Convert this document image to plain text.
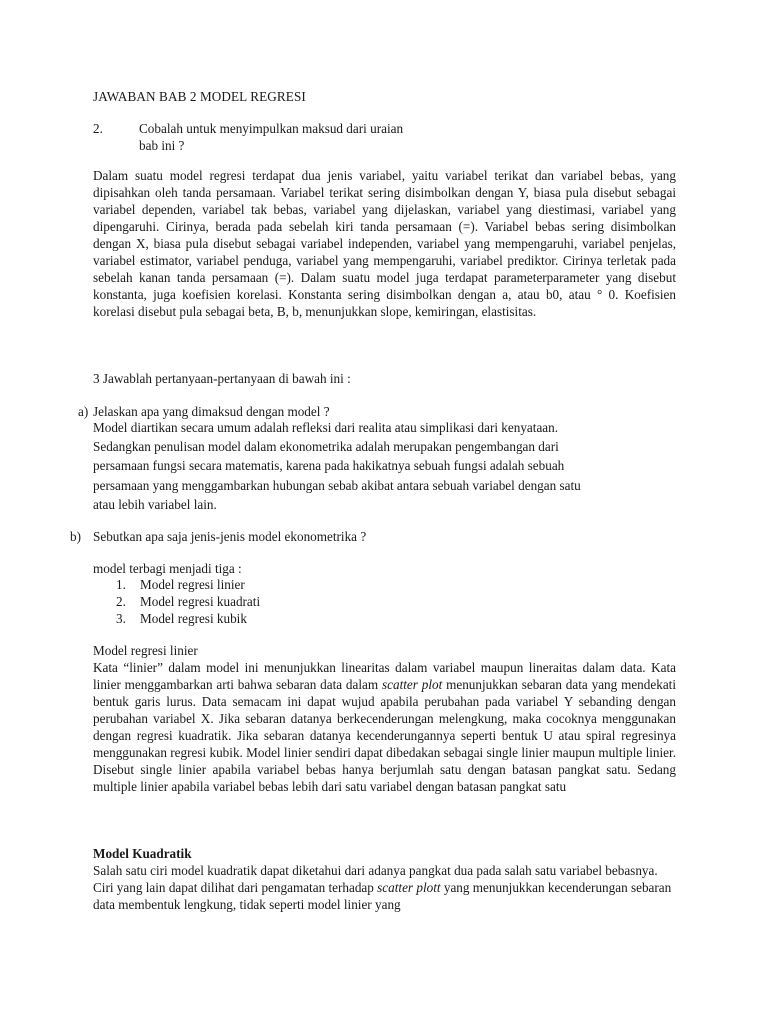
JAWABAN BAB 2 MODEL REGRESI
2.	Cobalah untuk menyimpulkan maksud dari uraian
bab ini ?
Dalam suatu model regresi terdapat dua jenis variabel, yaitu variabel terikat dan variabel bebas, yang dipisahkan oleh tanda persamaan. Variabel terikat sering disimbolkan dengan Y, biasa pula disebut sebagai variabel dependen, variabel tak bebas, variabel yang dijelaskan, variabel yang diestimasi, variabel yang dipengaruhi. Cirinya, berada pada sebelah kiri tanda persamaan (=). Variabel bebas sering disimbolkan dengan X, biasa pula disebut sebagai variabel independen, variabel yang mempengaruhi, variabel penjelas, variabel estimator, variabel penduga, variabel yang mempengaruhi, variabel prediktor. Cirinya terletak pada sebelah kanan tanda persamaan (=). Dalam suatu model juga terdapat parameterparameter yang disebut konstanta, juga koefisien korelasi. Konstanta sering disimbolkan dengan a, atau b0, atau ° 0. Koefisien korelasi disebut pula sebagai beta, B, b, menunjukkan slope, kemiringan, elastisitas.
3 Jawablah pertanyaan-pertanyaan di bawah ini :
a) Jelaskan apa yang dimaksud dengan model ?
Model diartikan secara umum adalah refleksi dari realita atau simplikasi dari kenyataan.
Sedangkan penulisan model dalam ekonometrika adalah merupakan pengembangan dari
persamaan fungsi secara matematis, karena pada hakikatnya sebuah fungsi adalah sebuah
persamaan yang menggambarkan hubungan sebab akibat antara sebuah variabel dengan satu
atau lebih variabel lain.
b) Sebutkan apa saja jenis-jenis model ekonometrika ?
model terbagi menjadi tiga :
1. Model regresi linier
2. Model regresi kuadrati
3. Model regresi kubik
Model regresi linier
Kata “linier” dalam model ini menunjukkan linearitas dalam variabel maupun lineraitas dalam data. Kata linier menggambarkan arti bahwa sebaran data dalam scatter plot menunjukkan sebaran data yang mendekati bentuk garis lurus. Data semacam ini dapat wujud apabila perubahan pada variabel Y sebanding dengan perubahan variabel X. Jika sebaran datanya berkecenderungan melengkung, maka cocoknya menggunakan dengan regresi kuadratik. Jika sebaran datanya kecenderungannya seperti bentuk U atau spiral regresinya menggunakan regresi kubik. Model linier sendiri dapat dibedakan sebagai single linier maupun multiple linier. Disebut single linier apabila variabel bebas hanya berjumlah satu dengan batasan pangkat satu. Sedang multiple linier apabila variabel bebas lebih dari satu variabel dengan batasan pangkat satu
Model Kuadratik
Salah satu ciri model kuadratik dapat diketahui dari adanya pangkat dua pada salah satu variabel bebasnya. Ciri yang lain dapat dilihat dari pengamatan terhadap scatter plott yang menunjukkan kecenderungan sebaran data membentuk lengkung, tidak seperti model linier yang
